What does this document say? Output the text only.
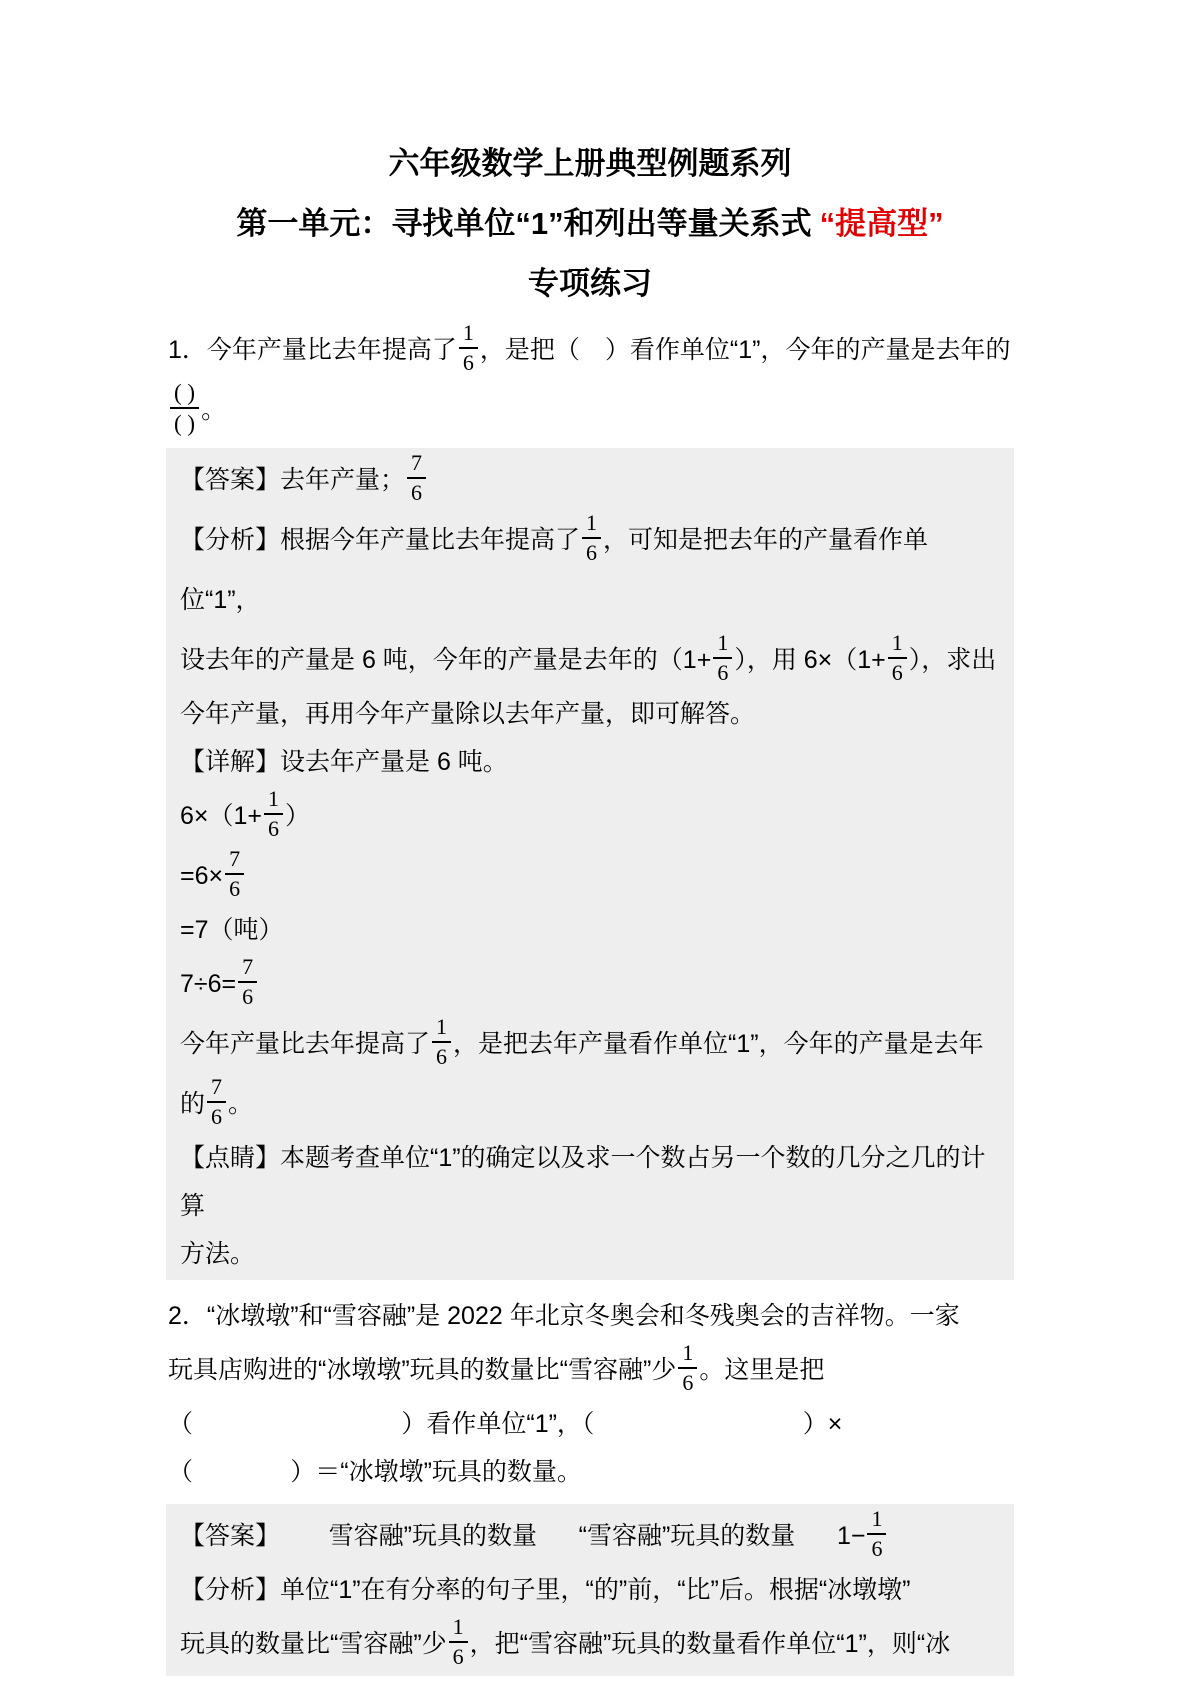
六年级数学上册典型例题系列
第一单元：寻找单位“1”和列出等量关系式 “提高型”
专项练习
1．今年产量比去年提高了 $\frac{1}{6}$ ，是把（　）看作单位“1”，今年的产量是去年的
$\frac{( )}{( )}$ 。
【答案】去年产量； $\frac{7}{6}$
【分析】根据今年产量比去年提高了 $\frac{1}{6}$ ，可知是把去年的产量看作单位“1”，
设去年的产量是 6 吨，今年的产量是去年的（$1+ \frac{1}{6}$ ），用 $6\times(1+ \frac{1}{6}$ ），求出
今年产量，再用今年产量除以去年产量，即可解答。
【详解】设去年产量是 6 吨。
$6\times(1+ \frac{1}{6}$ ）
$=6\times \frac{7}{6}$
=7（吨）
$7\div 6= \frac{7}{6}$
今年产量比去年提高了 $\frac{1}{6}$ ，是把去年产量看作单位“1”，今年的产量是去年的 $\frac{7}{6}$ 。
【点睛】本题考查单位“1”的确定以及求一个数占另一个数的几分之几的计算
方法。
2．“冰墩墩”和“雪容融”是 2022 年北京冬奥会和冬残奥会的吉祥物。一家
玩具店购进的“冰墩墩”玩具的数量比“雪容融”少 $\frac{1}{6}$ 。这里是把
（                              ）看作单位“1”，（                              ）×
（              ）＝“冰墩墩”玩具的数量。
【答案】       雪容融”玩具的数量      “雪容融”玩具的数量      $1- \frac{1}{6}$
【分析】单位“1”在有分率的句子里，“的”前，“比”后。根据“冰墩墩”
玩具的数量比“雪容融”少 $\frac{1}{6}$ ，把“雪容融”玩具的数量看作单位“1”，则“冰
